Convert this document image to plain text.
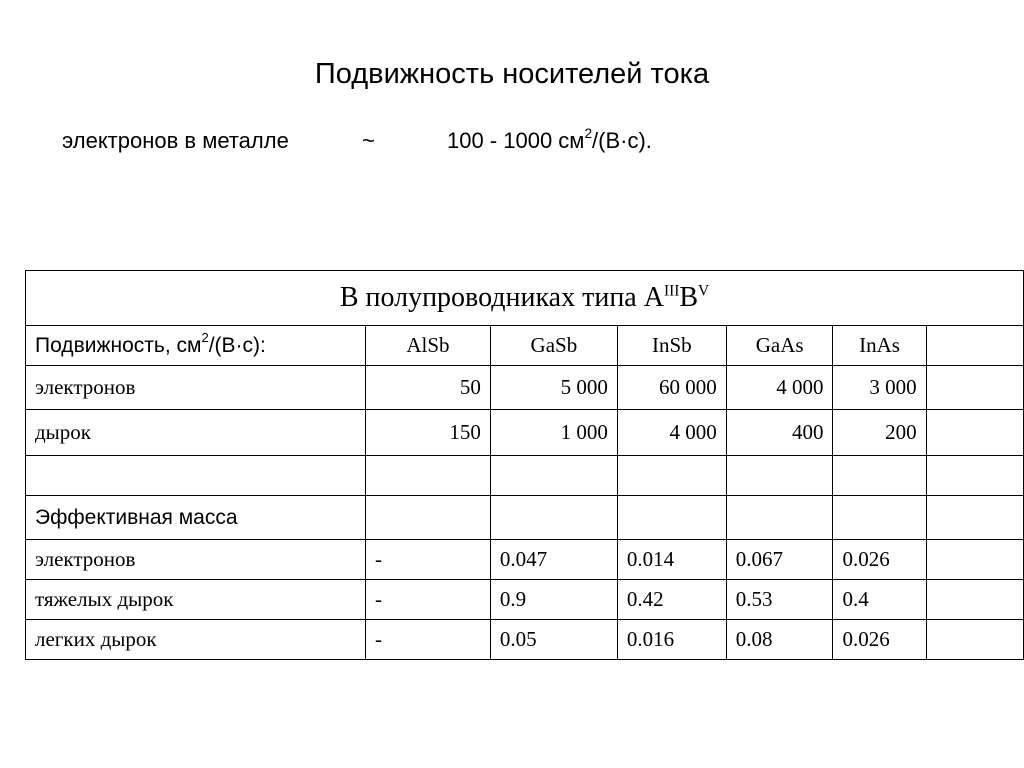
Подвижность носителей тока
электронов в металле	~	100 - 1000 $см^2/(В\cdot с)$.
В полупроводниках типа $A^{III}B^V$
Подвижность, $см^2/(В\cdot с)$:	AlSb	GaSb	InSb	GaAs	InAs	
электронов	50	5 000	60 000	4 000	3 000	
дырок	150	1 000	4 000	400	200	

Эффективная масса						
электронов	-	0.047	0.014	0.067	0.026	
тяжелых дырок	-	0.9	0.42	0.53	0.4	
легких дырок	-	0.05	0.016	0.08	0.026	
